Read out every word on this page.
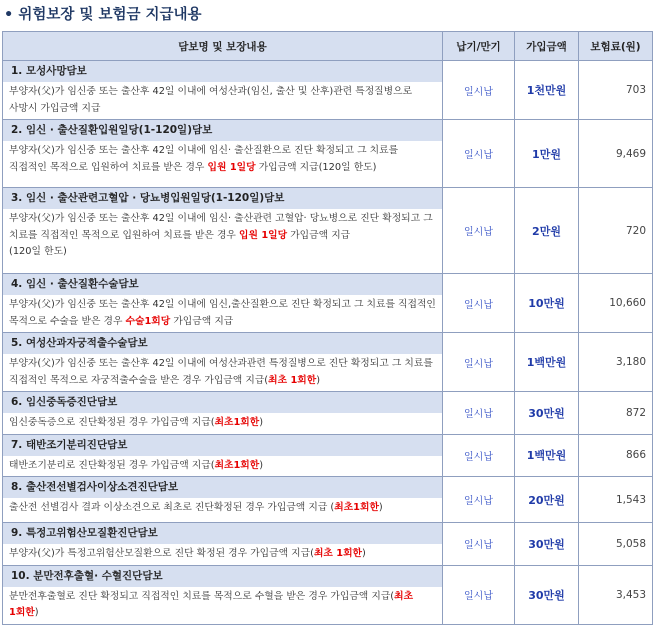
• 위험보장 및 보험금 지급내용
담보명 및 보장내용	납기/만기	가입금액	보험료(원)

1. 모성사망담보
부양자(父)가 임신중 또는 출산후 42일 이내에 여성산과(임신, 출산 및 산후)관련 특정질병으로 사망시 가입금액 지급	일시납	1천만원	703

2. 임신 · 출산질환입원일당(1-120일)담보
부양자(父)가 임신중 또는 출산후 42일 이내에 임신· 출산질환으로 진단 확정되고 그 치료를 직접적인 목적으로 입원하여 치료를 받은 경우 입원 1일당 가입금액 지급(120일 한도)	일시납	1만원	9,469

3. 임신 · 출산관련고혈압 · 당뇨병입원일당(1-120일)담보
부양자(父)가 임신중 또는 출산후 42일 이내에 임신· 출산관련 고혈압· 당뇨병으로 진단 확정되고 그 치료를 직접적인 목적으로 입원하여 치료를 받은 경우 입원 1일당 가입금액 지급
(120일 한도)	일시납	2만원	720

4. 임신 · 출산질환수술담보
부양자(父)가 임신중 또는 출산후 42일 이내에 임신,출산질환으로 진단 확정되고 그 치료를 직접적인 목적으로 수술을 받은 경우 수술1회당 가입금액 지급	일시납	10만원	10,660

5. 여성산과자궁적출수술담보
부양자(父)가 임신중 또는 출산후 42일 이내에 여성산과관련 특정질병으로 진단 확정되고 그 치료를 직접적인 목적으로 자궁적출수술을 받은 경우 가입금액 지급(최초 1회한)	일시납	1백만원	3,180

6. 임신중독증진단담보
임신중독증으로 진단확정된 경우 가입금액 지급(최초1회한)	일시납	30만원	872

7. 태반조기분리진단담보
태반조기분리로 진단확정된 경우 가입금액 지급(최초1회한)	일시납	1백만원	866

8. 출산전선별검사이상소견진단담보
출산전 선별검사 결과 이상소견으로 최초로 진단확정된 경우 가입금액 지급 (최초1회한)	일시납	20만원	1,543

9. 특정고위험산모질환진단담보
부양자(父)가 특정고위험산모질환으로 진단 확정된 경우 가입금액 지급(최초 1회한)	일시납	30만원	5,058

10. 분만전후출혈· 수혈진단담보
분만전후출혈로 진단 확정되고 직접적인 치료를 목적으로 수혈을 받은 경우 가입금액 지급(최초 1회한)	일시납	30만원	3,453
